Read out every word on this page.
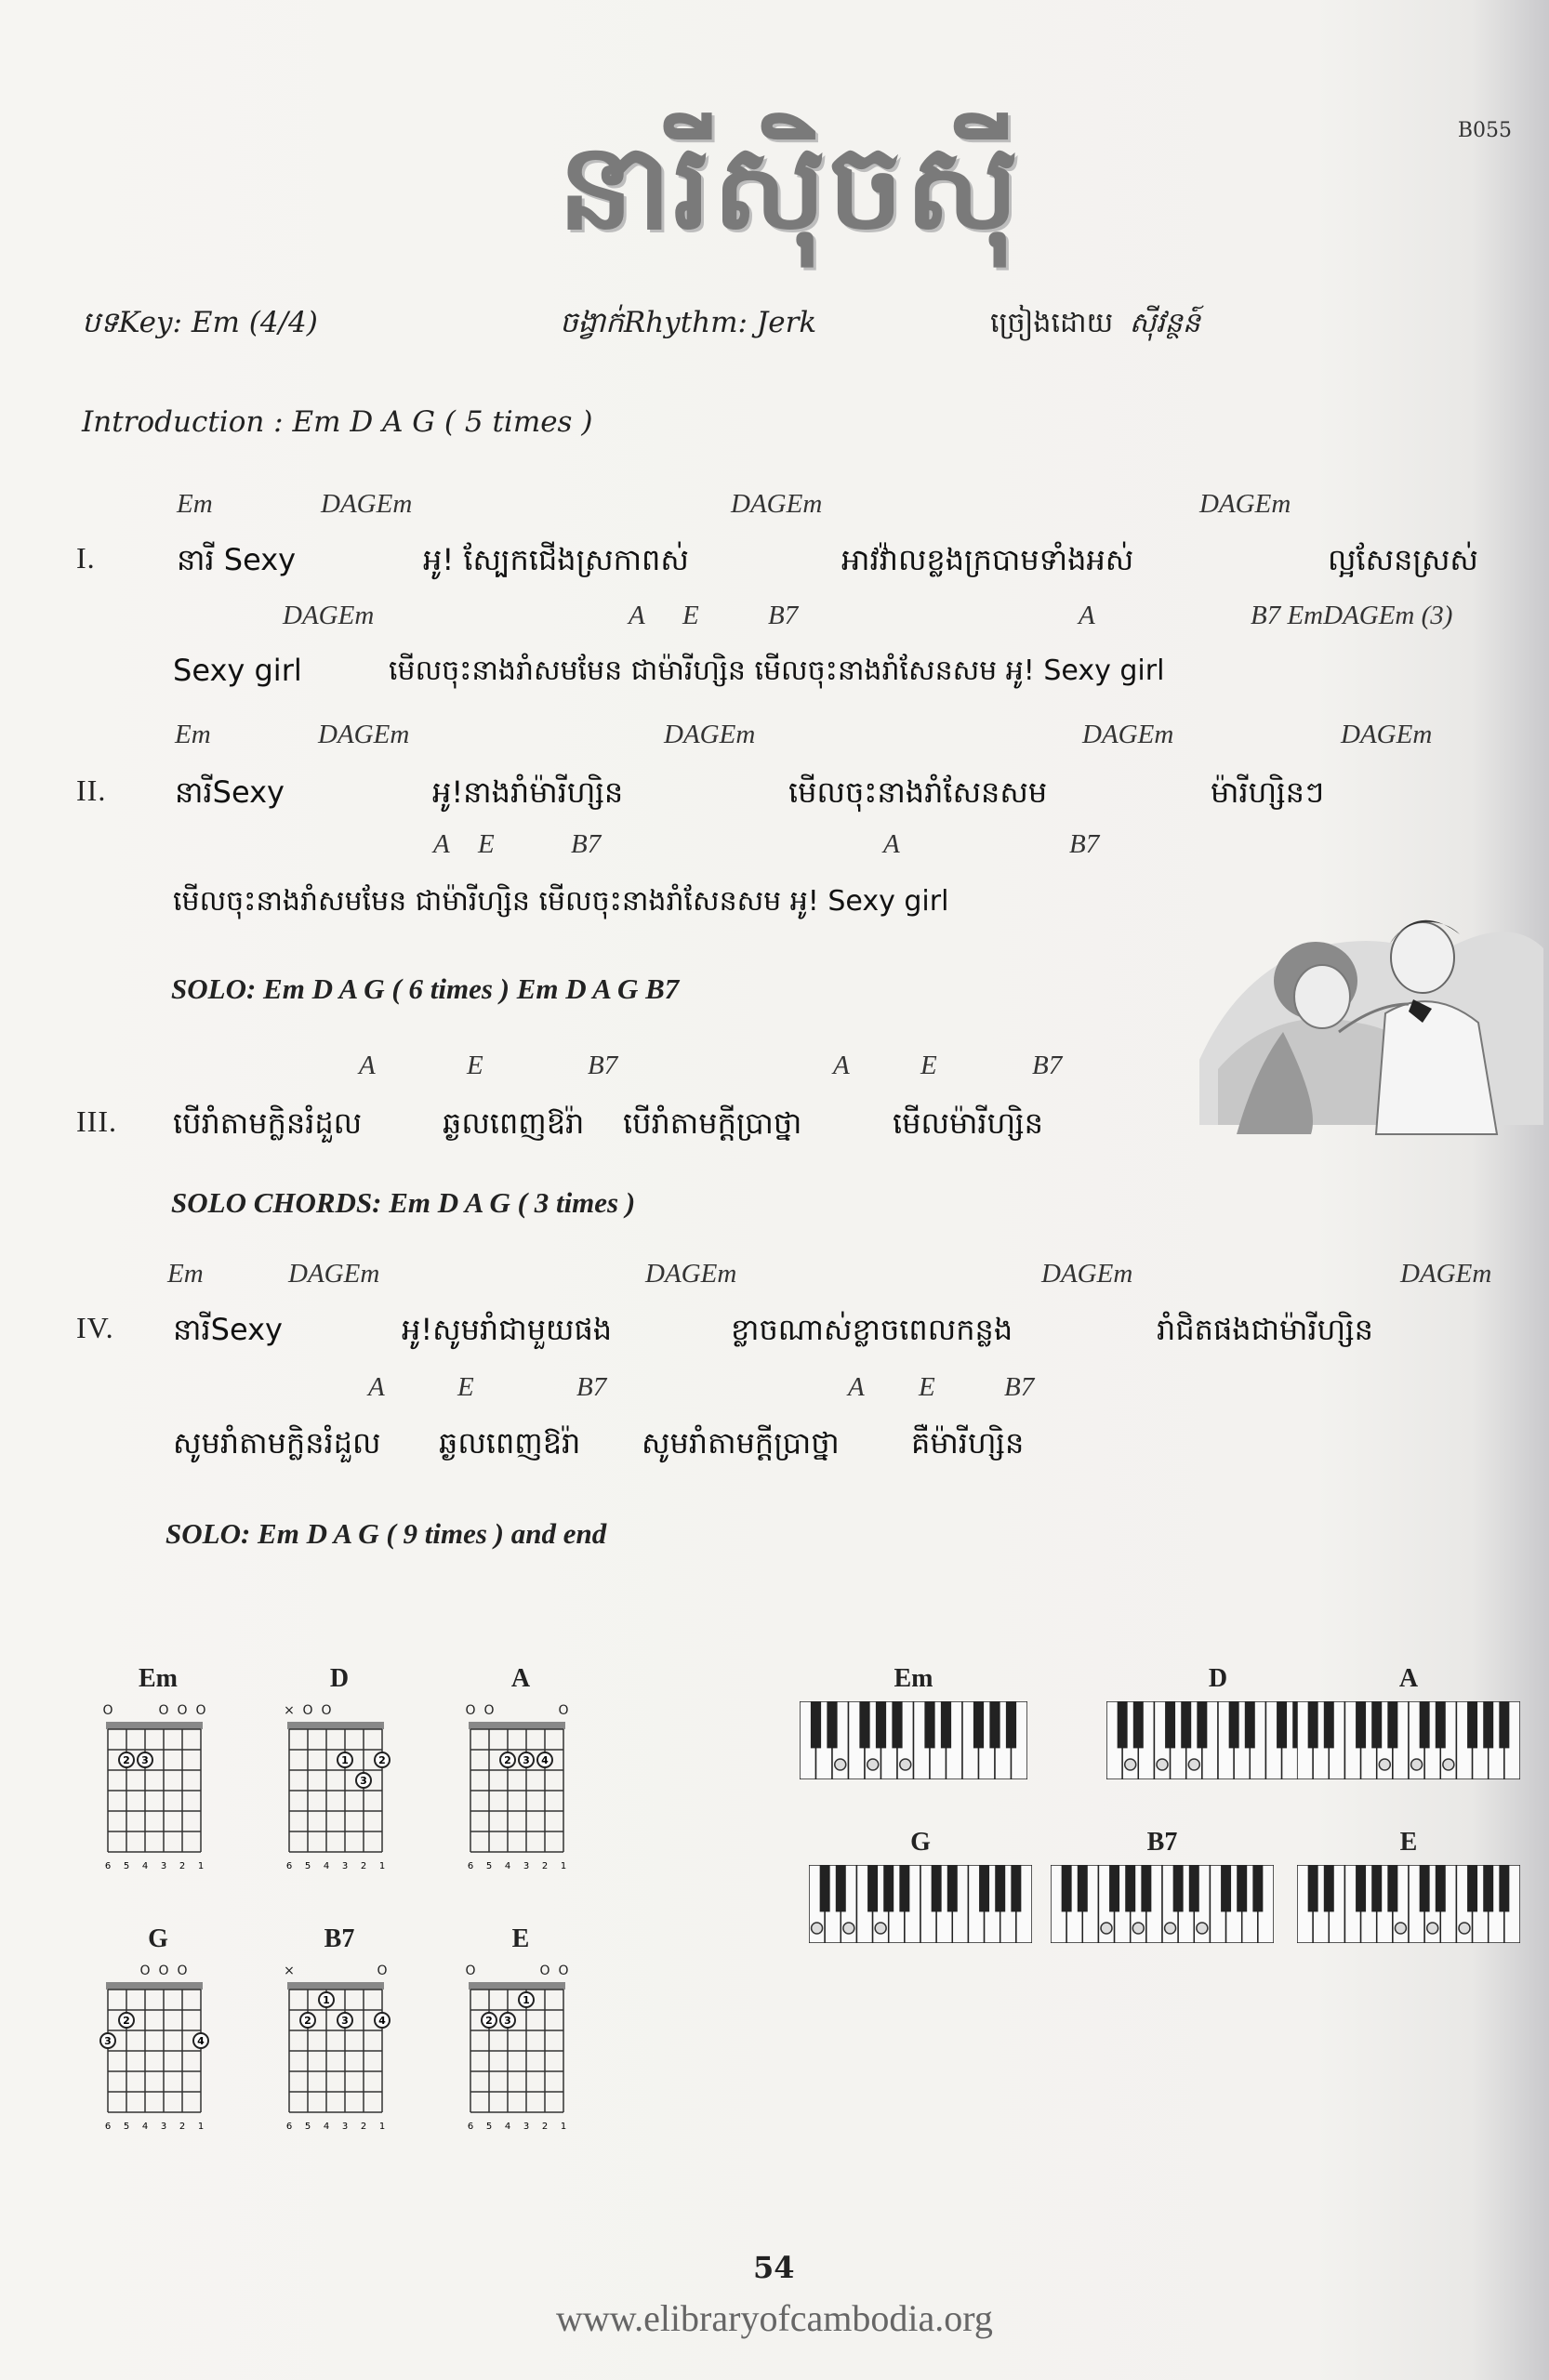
B055
នារីស៊ិចស៊ី
បទKey: Em (4/4)	ចង្វាក់Rhythm: Jerk	ច្រៀងដោយ ស៊ីវន្ថន៍
Introduction : Em D A G ( 5 times )
I.
Em	DAGEm	DAGEm	DAGEm
នារី Sexy	អូ! ស្បែកជើងស្រកាពស់	អាវវ៉ាលខ្លងក្របាមទាំងអស់	ល្អសែនស្រស់
DAGEm	A E	B7	A	B7 EmDAGEm (3)
Sexy girl	មើលចុះនាងរាំសមមែន ជាម៉ារីហ្សិន មើលចុះនាងរាំសែនសម អូ! Sexy girl
II.
Em	DAGEm	DAGEm	DAGEm	DAGEm
នារីSexy	អូ!នាងរាំម៉ារីហ្សិន	មើលចុះនាងរាំសែនសម	ម៉ារីហ្សិនៗ
A E	B7	A	B7
មើលចុះនាងរាំសមមែន ជាម៉ារីហ្សិន មើលចុះនាងរាំសែនសម អូ! Sexy girl
SOLO: Em D A G ( 6 times ) Em D A G B7
III.
A	E	B7	A	E	B7
បើរាំតាមក្លិនរំដួល	ឆ្ងលពេញឱរ៉ា បើរាំតាមក្តីប្រាថ្នា	មើលម៉ារីហ្សិន
SOLO CHORDS: Em D A G ( 3 times )
IV.
Em	DAGEm	DAGEm	DAGEm	DAGEm
នារីSexy	អូ!សូមរាំជាមួយផង	ខ្លាចណាស់ខ្លាចពេលកន្លង	រាំជិតផងជាម៉ារីហ្សិន
A	E	B7	A E	B7
សូមរាំតាមក្លិនរំដួល ឆ្ងលពេញឱរ៉ា សូមរាំតាមក្តីប្រាថ្នា គឺម៉ារីហ្សិន
SOLO: Em D A G ( 9 times ) and end
Em
O	O O O
2 3
6 5 4 3 2 1
D
× O O
1	2
3
6 5 4 3 2 1
A
O O	O
2 3 4
6 5 4 3 2 1
G
O O O
2
3	4
6 5 4 3 2 1
B7
×	O
1
2	3	4
6 5 4 3 2 1
E
O	O O
1
2 3
6 5 4 3 2 1
Em	D	A
G	B7	E
54
www.elibraryofcambodia.org
